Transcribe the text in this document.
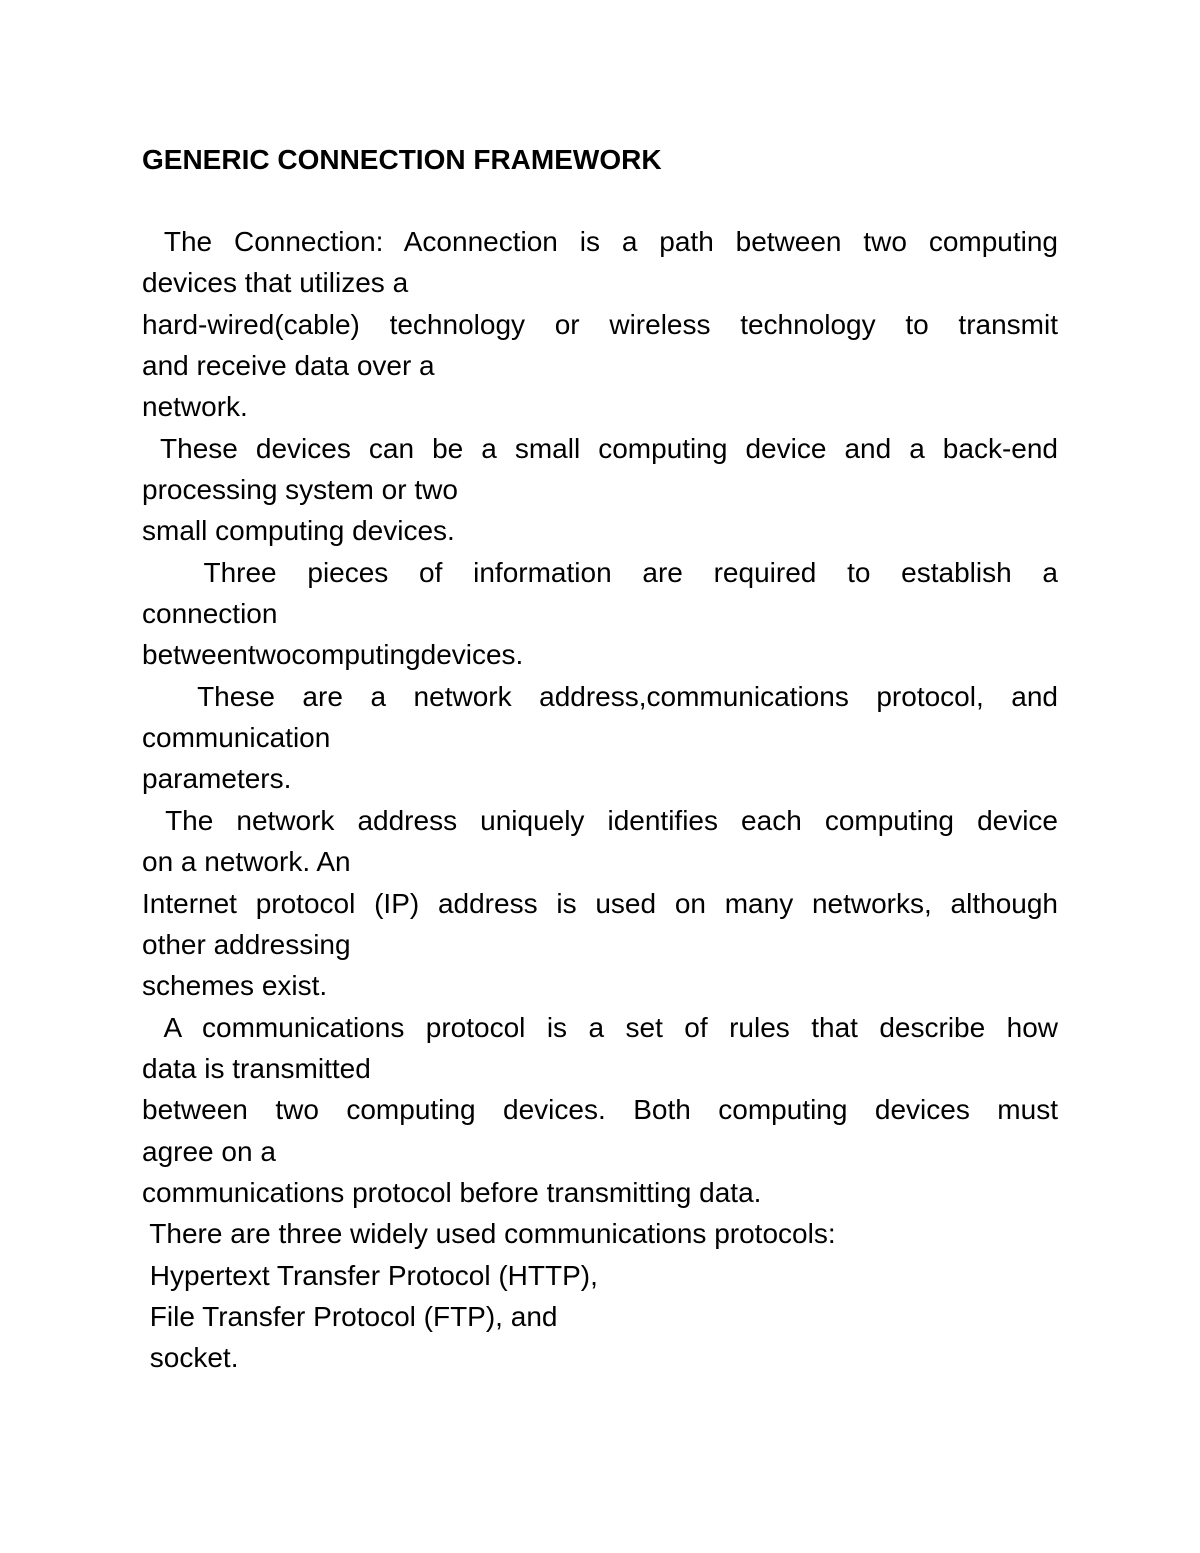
GENERIC CONNECTION FRAMEWORK
The Connection: Aconnection is a path between two computing
devices that utilizes a
hard-wired(cable) technology or wireless technology to transmit
and receive data over a
network.
These devices can be a small computing device and a back-end
processing system or two
small computing devices.
Three pieces of information are required to establish a
connection
betweentwocomputingdevices.
These are a network address,communications protocol, and
communication
parameters.
The network address uniquely identifies each computing device
on a network. An
Internet protocol (IP) address is used on many networks, although
other addressing
schemes exist.
A communications protocol is a set of rules that describe how
data is transmitted
between two computing devices. Both computing devices must
agree on a
communications protocol before transmitting data.
There are three widely used communications protocols:
Hypertext Transfer Protocol (HTTP),
File Transfer Protocol (FTP), and
socket.
